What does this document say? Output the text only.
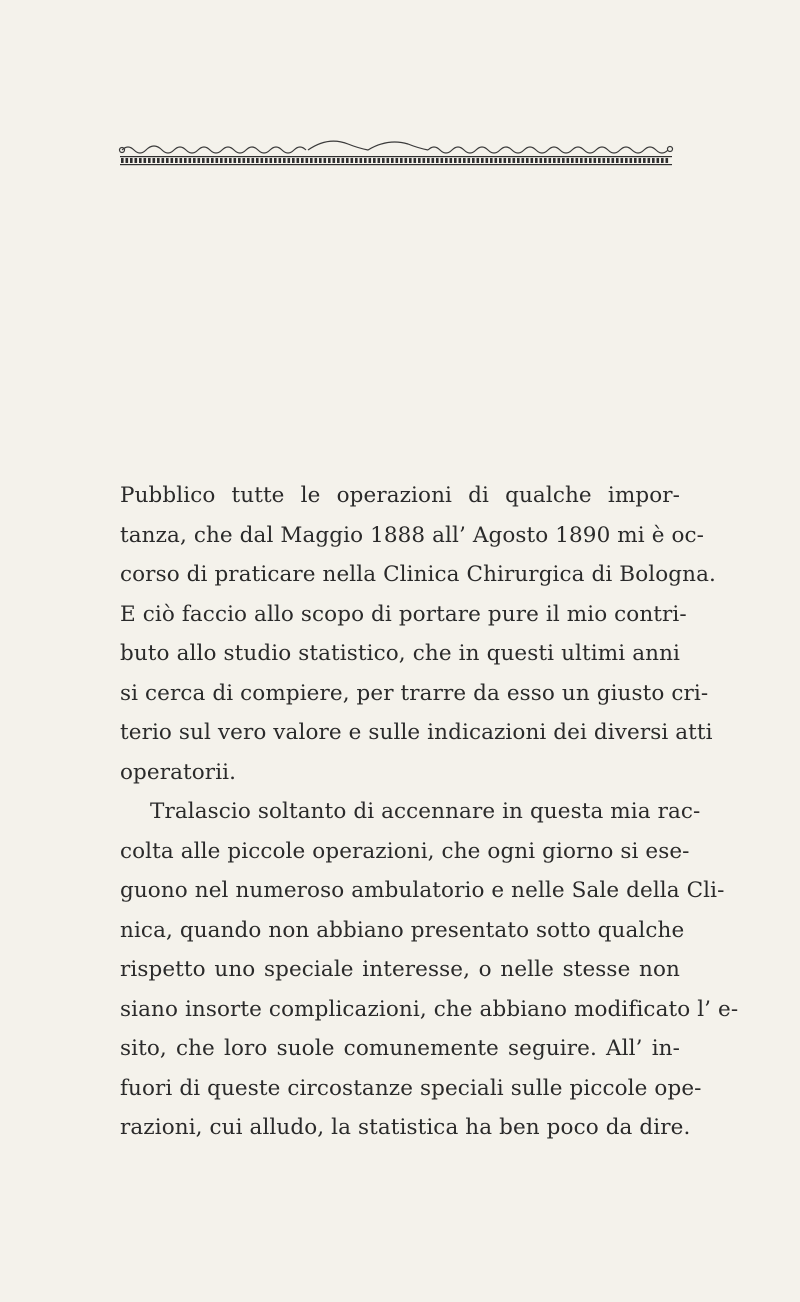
Pubblico tutte le operazioni di qualche impor-
tanza, che dal Maggio 1888 all’ Agosto 1890 mi è oc-
corso di praticare nella Clinica Chirurgica di Bologna.
E ciò faccio allo scopo di portare pure il mio contri-
buto allo studio statistico, che in questi ultimi anni
si cerca di compiere, per trarre da esso un giusto cri-
terio sul vero valore e sulle indicazioni dei diversi atti
operatorii.
Tralascio soltanto di accennare in questa mia rac-
colta alle piccole operazioni, che ogni giorno si ese-
guono nel numeroso ambulatorio e nelle Sale della Cli-
nica, quando non abbiano presentato sotto qualche
rispetto uno speciale interesse, o nelle stesse non
siano insorte complicazioni, che abbiano modificato l’ e-
sito, che loro suole comunemente seguire. All’ in-
fuori di queste circostanze speciali sulle piccole ope-
razioni, cui alludo, la statistica ha ben poco da dire.
